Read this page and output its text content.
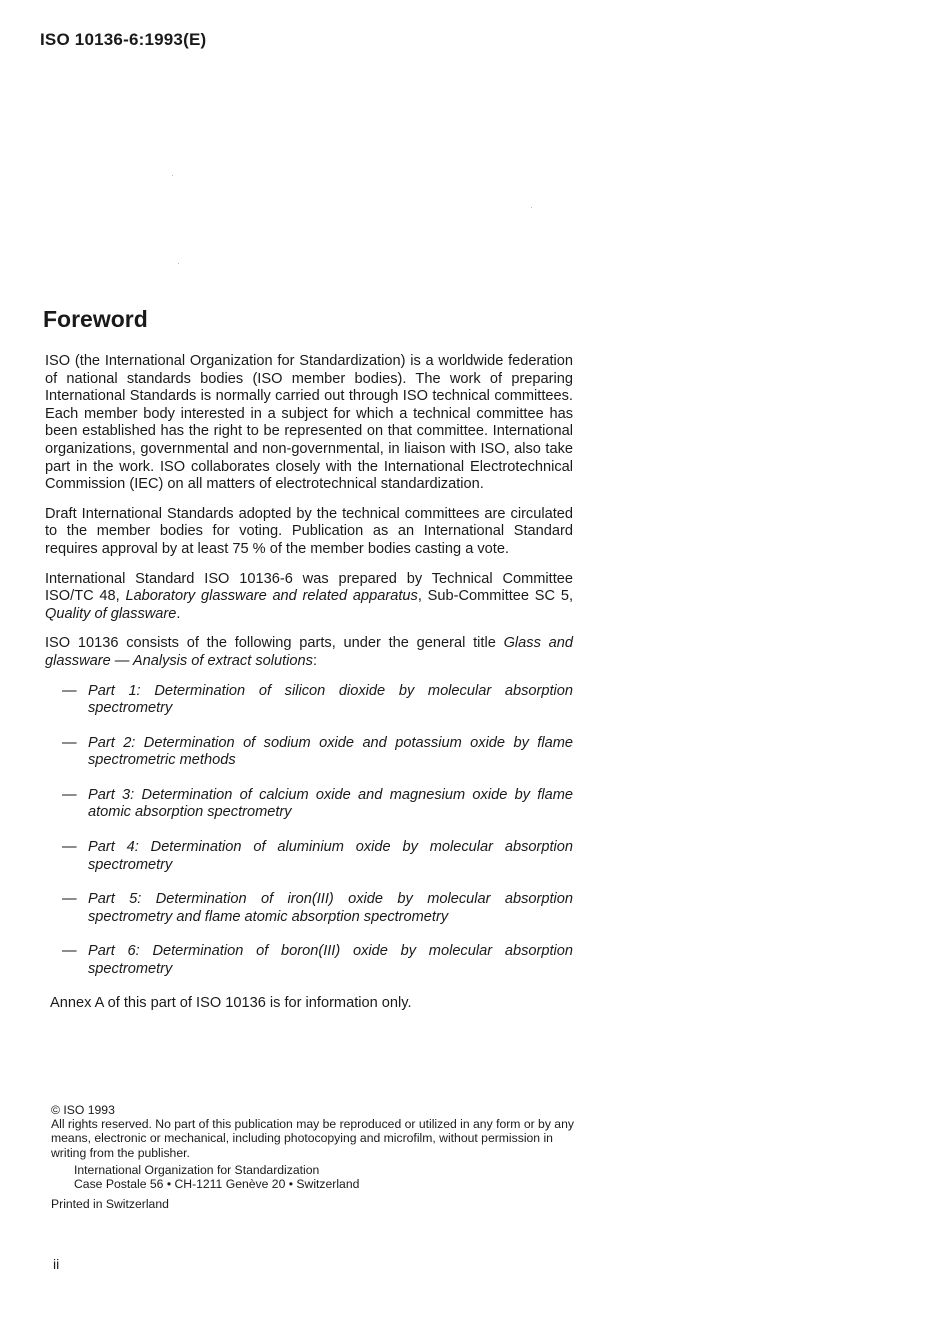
ISO 10136-6:1993(E)
Foreword

ISO (the International Organization for Standardization) is a worldwide federation of national standards bodies (ISO member bodies). The work of preparing International Standards is normally carried out through ISO technical committees. Each member body interested in a subject for which a technical committee has been established has the right to be represented on that committee. International organizations, governmental and non-governmental, in liaison with ISO, also take part in the work. ISO collaborates closely with the International Electrotechnical Commission (IEC) on all matters of electrotechnical standardization.

Draft International Standards adopted by the technical committees are circulated to the member bodies for voting. Publication as an International Standard requires approval by at least 75 % of the member bodies casting a vote.

International Standard ISO 10136-6 was prepared by Technical Committee ISO/TC 48, Laboratory glassware and related apparatus, Sub-Committee SC 5, Quality of glassware.

ISO 10136 consists of the following parts, under the general title Glass and glassware — Analysis of extract solutions:

— Part 1: Determination of silicon dioxide by molecular absorption spectrometry
— Part 2: Determination of sodium oxide and potassium oxide by flame spectrometric methods
— Part 3: Determination of calcium oxide and magnesium oxide by flame atomic absorption spectrometry
— Part 4: Determination of aluminium oxide by molecular absorption spectrometry
— Part 5: Determination of iron(III) oxide by molecular absorption spectrometry and flame atomic absorption spectrometry
— Part 6: Determination of boron(III) oxide by molecular absorption spectrometry

Annex A of this part of ISO 10136 is for information only.

© ISO 1993
All rights reserved. No part of this publication may be reproduced or utilized in any form or by any means, electronic or mechanical, including photocopying and microfilm, without permission in writing from the publisher.
International Organization for Standardization
Case Postale 56 • CH-1211 Genève 20 • Switzerland
Printed in Switzerland
ii
